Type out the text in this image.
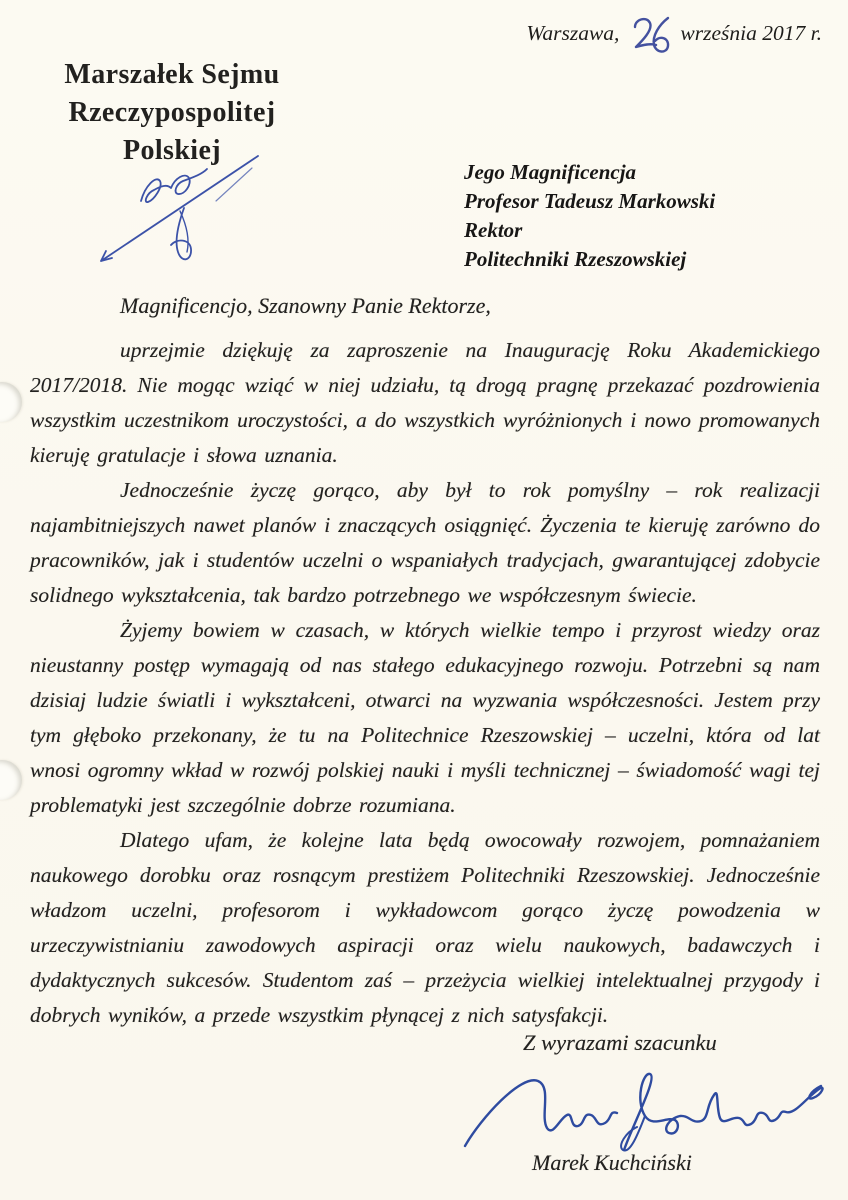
Warszawa,	września 2017 r.
Marszałek Sejmu
Rzeczypospolitej Polskiej
Jego Magnificencja
Profesor Tadeusz Markowski
Rektor
Politechniki Rzeszowskiej

Magnificencjo, Szanowny Panie Rektorze,

uprzejmie dziękuję za zaproszenie na Inaugurację Roku Akademickiego 2017/2018. Nie mogąc wziąć w niej udziału, tą drogą pragnę przekazać pozdrowienia wszystkim uczestnikom uroczystości, a do wszystkich wyróżnionych i nowo promowanych kieruję gratulacje i słowa uznania.

Jednocześnie życzę gorąco, aby był to rok pomyślny – rok realizacji najambitniejszych nawet planów i znaczących osiągnięć. Życzenia te kieruję zarówno do pracowników, jak i studentów uczelni o wspaniałych tradycjach, gwarantującej zdobycie solidnego wykształcenia, tak bardzo potrzebnego we współczesnym świecie.

Żyjemy bowiem w czasach, w których wielkie tempo i przyrost wiedzy oraz nieustanny postęp wymagają od nas stałego edukacyjnego rozwoju. Potrzebni są nam dzisiaj ludzie światli i wykształceni, otwarci na wyzwania współczesności. Jestem przy tym głęboko przekonany, że tu na Politechnice Rzeszowskiej – uczelni, która od lat wnosi ogromny wkład w rozwój polskiej nauki i myśli technicznej – świadomość wagi tej problematyki jest szczególnie dobrze rozumiana.

Dlatego ufam, że kolejne lata będą owocowały rozwojem, pomnażaniem naukowego dorobku oraz rosnącym prestiżem Politechniki Rzeszowskiej. Jednocześnie władzom uczelni, profesorom i wykładowcom gorąco życzę powodzenia w urzeczywistnianiu zawodowych aspiracji oraz wielu naukowych, badawczych i dydaktycznych sukcesów. Studentom zaś – przeżycia wielkiej intelektualnej przygody i dobrych wyników, a przede wszystkim płynącej z nich satysfakcji.

Z wyrazami szacunku
Marek Kuchciński
